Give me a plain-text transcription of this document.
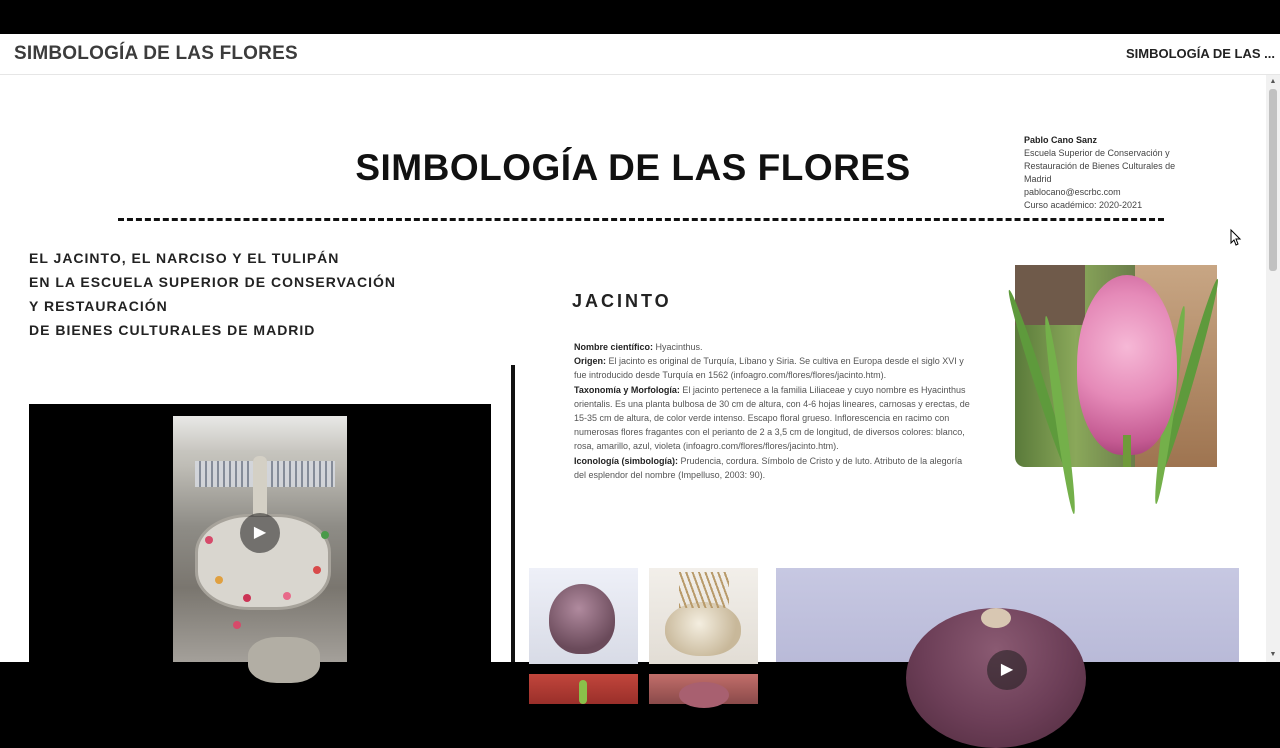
SIMBOLOGÍA DE LAS FLORES	SIMBOLOGÍA DE LAS ...
SIMBOLOGÍA DE LAS FLORES
Pablo Cano Sanz
Escuela Superior de Conservación y
Restauración de Bienes Culturales de
Madrid
pablocano@escrbc.com
Curso académico: 2020-2021
EL JACINTO, EL NARCISO Y EL TULIPÁN
EN LA ESCUELA SUPERIOR DE CONSERVACIÓN
Y RESTAURACIÓN
DE BIENES CULTURALES DE MADRID
▶
JACINTO
Nombre científico: Hyacinthus.
Origen: El jacinto es original de Turquía, Líbano y Siria. Se cultiva en Europa desde el siglo XVI y fue introducido desde Turquía en 1562 (infoagro.com/flores/flores/jacinto.htm).
Taxonomía y Morfología: El jacinto pertenece a la familia Liliaceae y cuyo nombre es Hyacinthus orientalis. Es una planta bulbosa de 30 cm de altura, con 4-6 hojas lineares, carnosas y erectas, de 15-35 cm de altura, de color verde intenso. Escapo floral grueso. Inflorescencia en racimo con numerosas flores fragantes con el perianto de 2 a 3,5 cm de longitud, de diversos colores: blanco, rosa, amarillo, azul, violeta (infoagro.com/flores/flores/jacinto.htm).
Iconología (simbología): Prudencia, cordura. Símbolo de Cristo y de luto. Atributo de la alegoría del esplendor del nombre (Impelluso, 2003: 90).
▶
▲
▼
